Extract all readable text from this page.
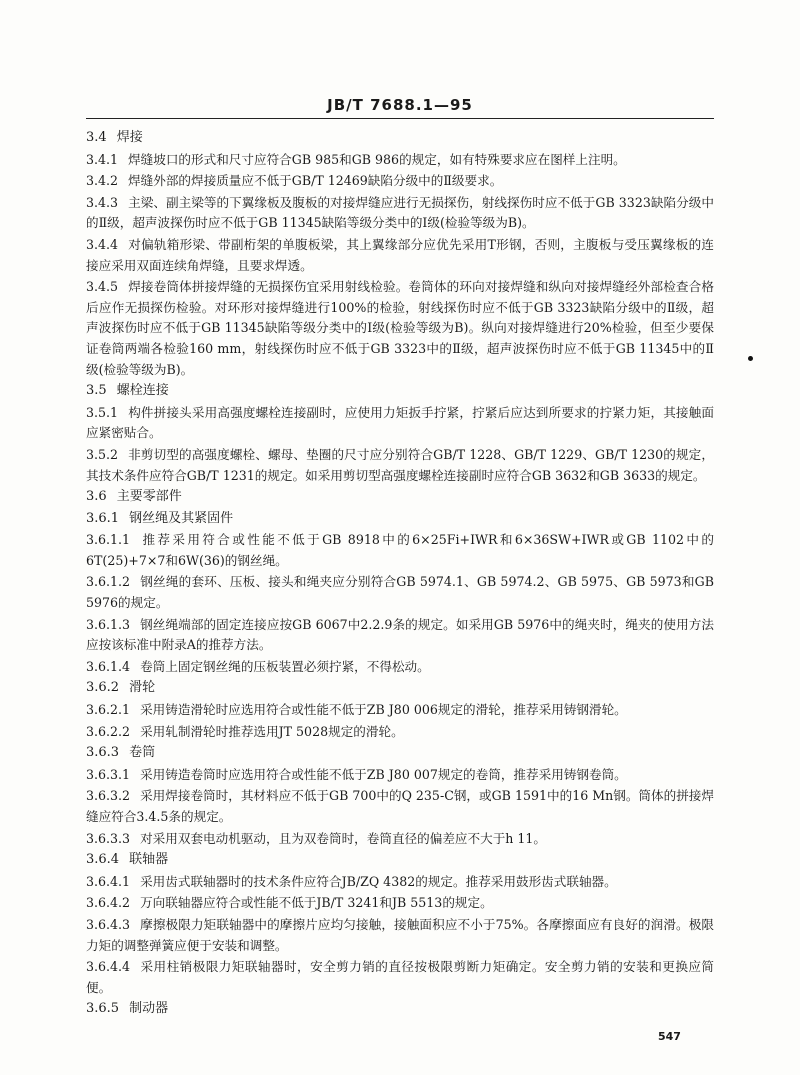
JB/T 7688.1—95
3.4 焊接
3.4.1 焊缝坡口的形式和尺寸应符合GB 985和GB 986的规定，如有特殊要求应在图样上注明。
3.4.2 焊缝外部的焊接质量应不低于GB/T 12469缺陷分级中的Ⅱ级要求。
3.4.3 主梁、副主梁等的下翼缘板及腹板的对接焊缝应进行无损探伤，射线探伤时应不低于GB 3323缺陷分级中的Ⅱ级，超声波探伤时应不低于GB 11345缺陷等级分类中的Ⅰ级(检验等级为B)。
3.4.4 对偏轨箱形梁、带副桁架的单腹板梁，其上翼缘部分应优先采用T形钢，否则，主腹板与受压翼缘板的连接应采用双面连续角焊缝，且要求焊透。
3.4.5 焊接卷筒体拼接焊缝的无损探伤宜采用射线检验。卷筒体的环向对接焊缝和纵向对接焊缝经外部检查合格后应作无损探伤检验。对环形对接焊缝进行100%的检验，射线探伤时应不低于GB 3323缺陷分级中的Ⅱ级，超声波探伤时应不低于GB 11345缺陷等级分类中的Ⅰ级(检验等级为B)。纵向对接焊缝进行20%检验，但至少要保证卷筒两端各检验160 mm，射线探伤时应不低于GB 3323中的Ⅱ级，超声波探伤时应不低于GB 11345中的Ⅱ级(检验等级为B)。
3.5 螺栓连接
3.5.1 构件拼接头采用高强度螺栓连接副时，应使用力矩扳手拧紧，拧紧后应达到所要求的拧紧力矩，其接触面应紧密贴合。
3.5.2 非剪切型的高强度螺栓、螺母、垫圈的尺寸应分别符合GB/T 1228、GB/T 1229、GB/T 1230的规定，其技术条件应符合GB/T 1231的规定。如采用剪切型高强度螺栓连接副时应符合GB 3632和GB 3633的规定。
3.6 主要零部件
3.6.1 钢丝绳及其紧固件
3.6.1.1 推荐采用符合或性能不低于GB 8918中的6×25Fi+IWR和6×36SW+IWR或GB 1102中的6T(25)+7×7和6W(36)的钢丝绳。
3.6.1.2 钢丝绳的套环、压板、接头和绳夹应分别符合GB 5974.1、GB 5974.2、GB 5975、GB 5973和GB 5976的规定。
3.6.1.3 钢丝绳端部的固定连接应按GB 6067中2.2.9条的规定。如采用GB 5976中的绳夹时，绳夹的使用方法应按该标准中附录A的推荐方法。
3.6.1.4 卷筒上固定钢丝绳的压板装置必须拧紧，不得松动。
3.6.2 滑轮
3.6.2.1 采用铸造滑轮时应选用符合或性能不低于ZB J80 006规定的滑轮，推荐采用铸钢滑轮。
3.6.2.2 采用轧制滑轮时推荐选用JT 5028规定的滑轮。
3.6.3 卷筒
3.6.3.1 采用铸造卷筒时应选用符合或性能不低于ZB J80 007规定的卷筒，推荐采用铸钢卷筒。
3.6.3.2 采用焊接卷筒时，其材料应不低于GB 700中的Q 235-C钢，或GB 1591中的16 Mn钢。筒体的拼接焊缝应符合3.4.5条的规定。
3.6.3.3 对采用双套电动机驱动，且为双卷筒时，卷筒直径的偏差应不大于h 11。
3.6.4 联轴器
3.6.4.1 采用齿式联轴器时的技术条件应符合JB/ZQ 4382的规定。推荐采用鼓形齿式联轴器。
3.6.4.2 万向联轴器应符合或性能不低于JB/T 3241和JB 5513的规定。
3.6.4.3 摩擦极限力矩联轴器中的摩擦片应均匀接触，接触面积应不小于75%。各摩擦面应有良好的润滑。极限力矩的调整弹簧应便于安装和调整。
3.6.4.4 采用柱销极限力矩联轴器时，安全剪力销的直径按极限剪断力矩确定。安全剪力销的安装和更换应简便。
3.6.5 制动器
547
